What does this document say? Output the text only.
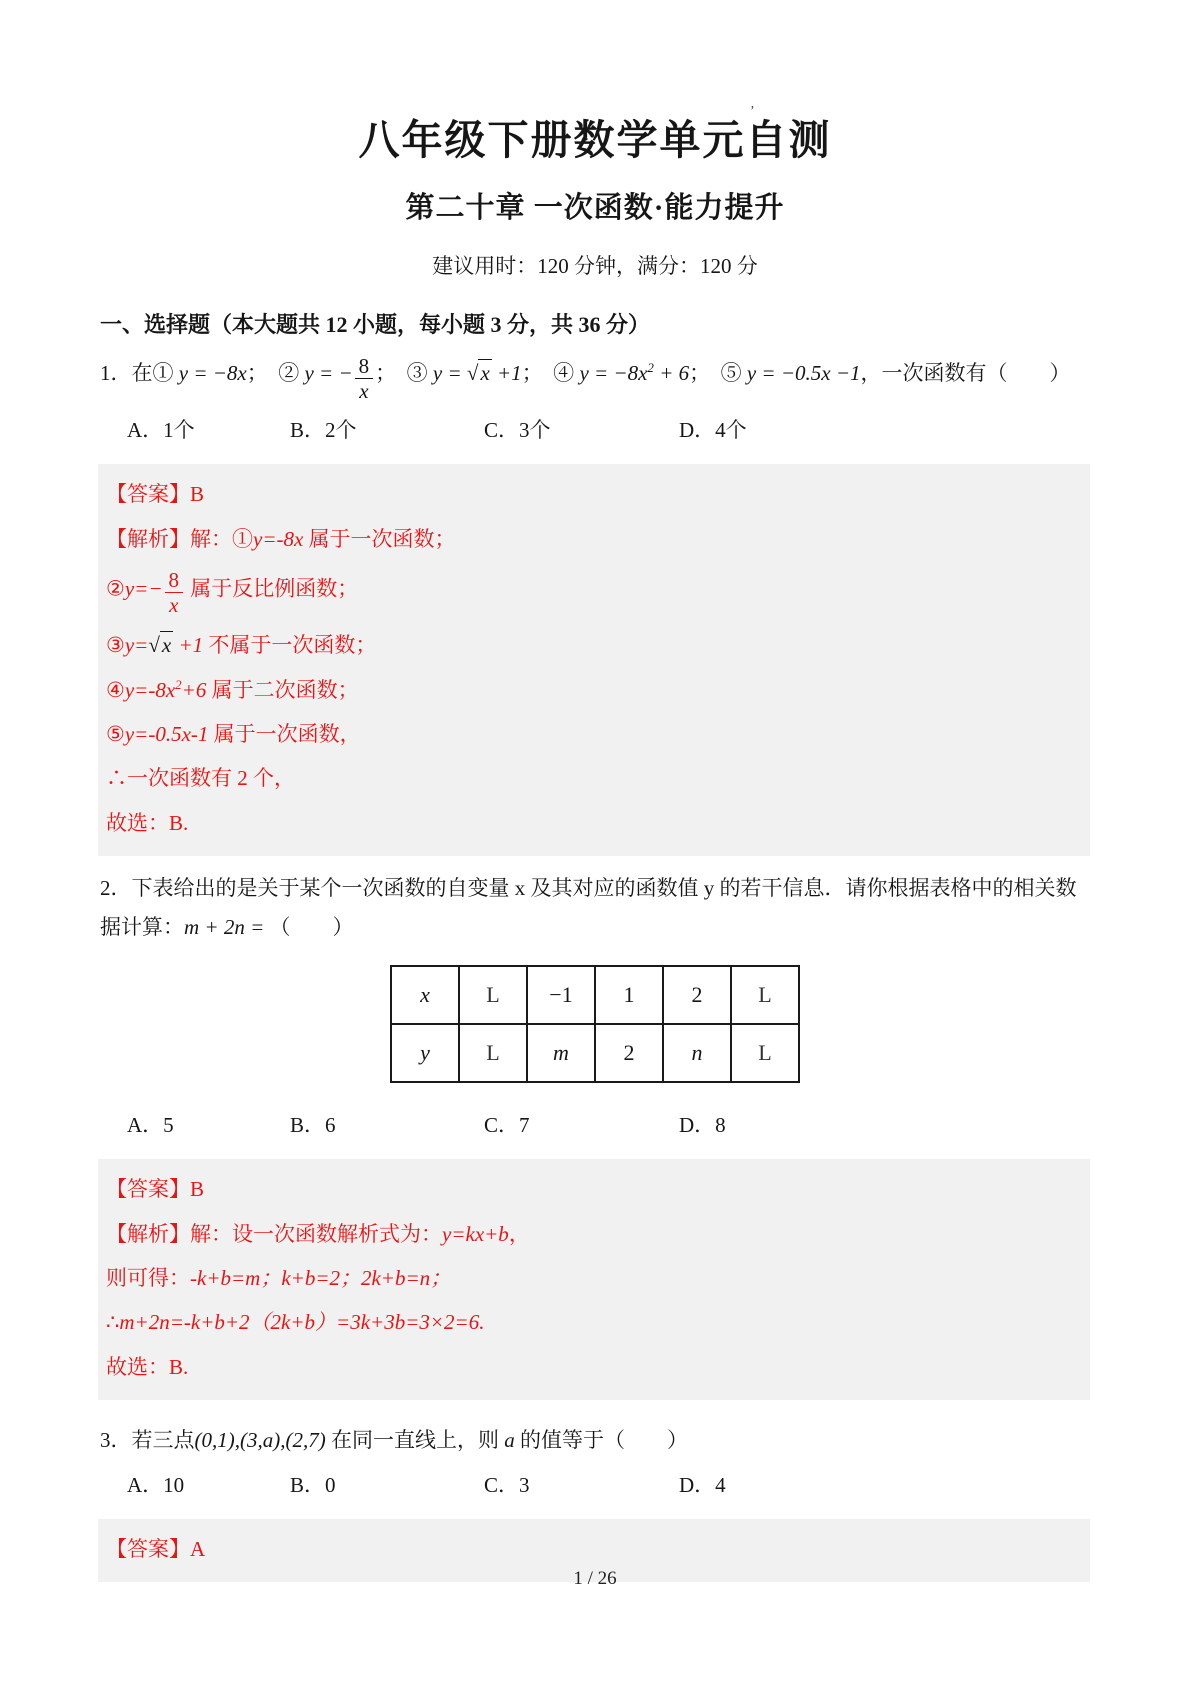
ʼ
八年级下册数学单元自测
第二十章 一次函数·能力提升
建议用时：120 分钟，满分：120 分
一、选择题（本大题共 12 小题，每小题 3 分，共 36 分）
1．在① y = −8x；　② y = − $\frac{8}{x}$ ；　③ y = √x +1；　④ $y = -8x^2 + 6$；　⑤ y = −0.5x −1，一次函数有（　　）
A．1个	B．2个	C．3个	D．4个
【答案】B
【解析】解：①y=-8x 属于一次函数；
②y=− $\frac{8}{x}$ 属于反比例函数；
③y=√x +1 不属于一次函数；
$④y=-8x^2+6$ 属于二次函数；
⑤y=-0.5x-1 属于一次函数，
∴一次函数有 2 个，
故选：B.
2．下表给出的是关于某个一次函数的自变量 x 及其对应的函数值 y 的若干信息．请你根据表格中的相关数
据计算：m + 2n = （　　）
x	L	−1	1	2	L
y	L	m	2	n	L
A．5	B．6	C．7	D．8
【答案】B
【解析】解：设一次函数解析式为：y=kx+b，
则可得：-k+b=m；k+b=2；2k+b=n；
∴m+2n=-k+b+2（2k+b）=3k+3b=3×2=6.
故选：B.
3．若三点(0,1),(3,a),(2,7) 在同一直线上，则 a 的值等于（　　）
A．10	B．0	C．3	D．4
【答案】A
1 / 26
